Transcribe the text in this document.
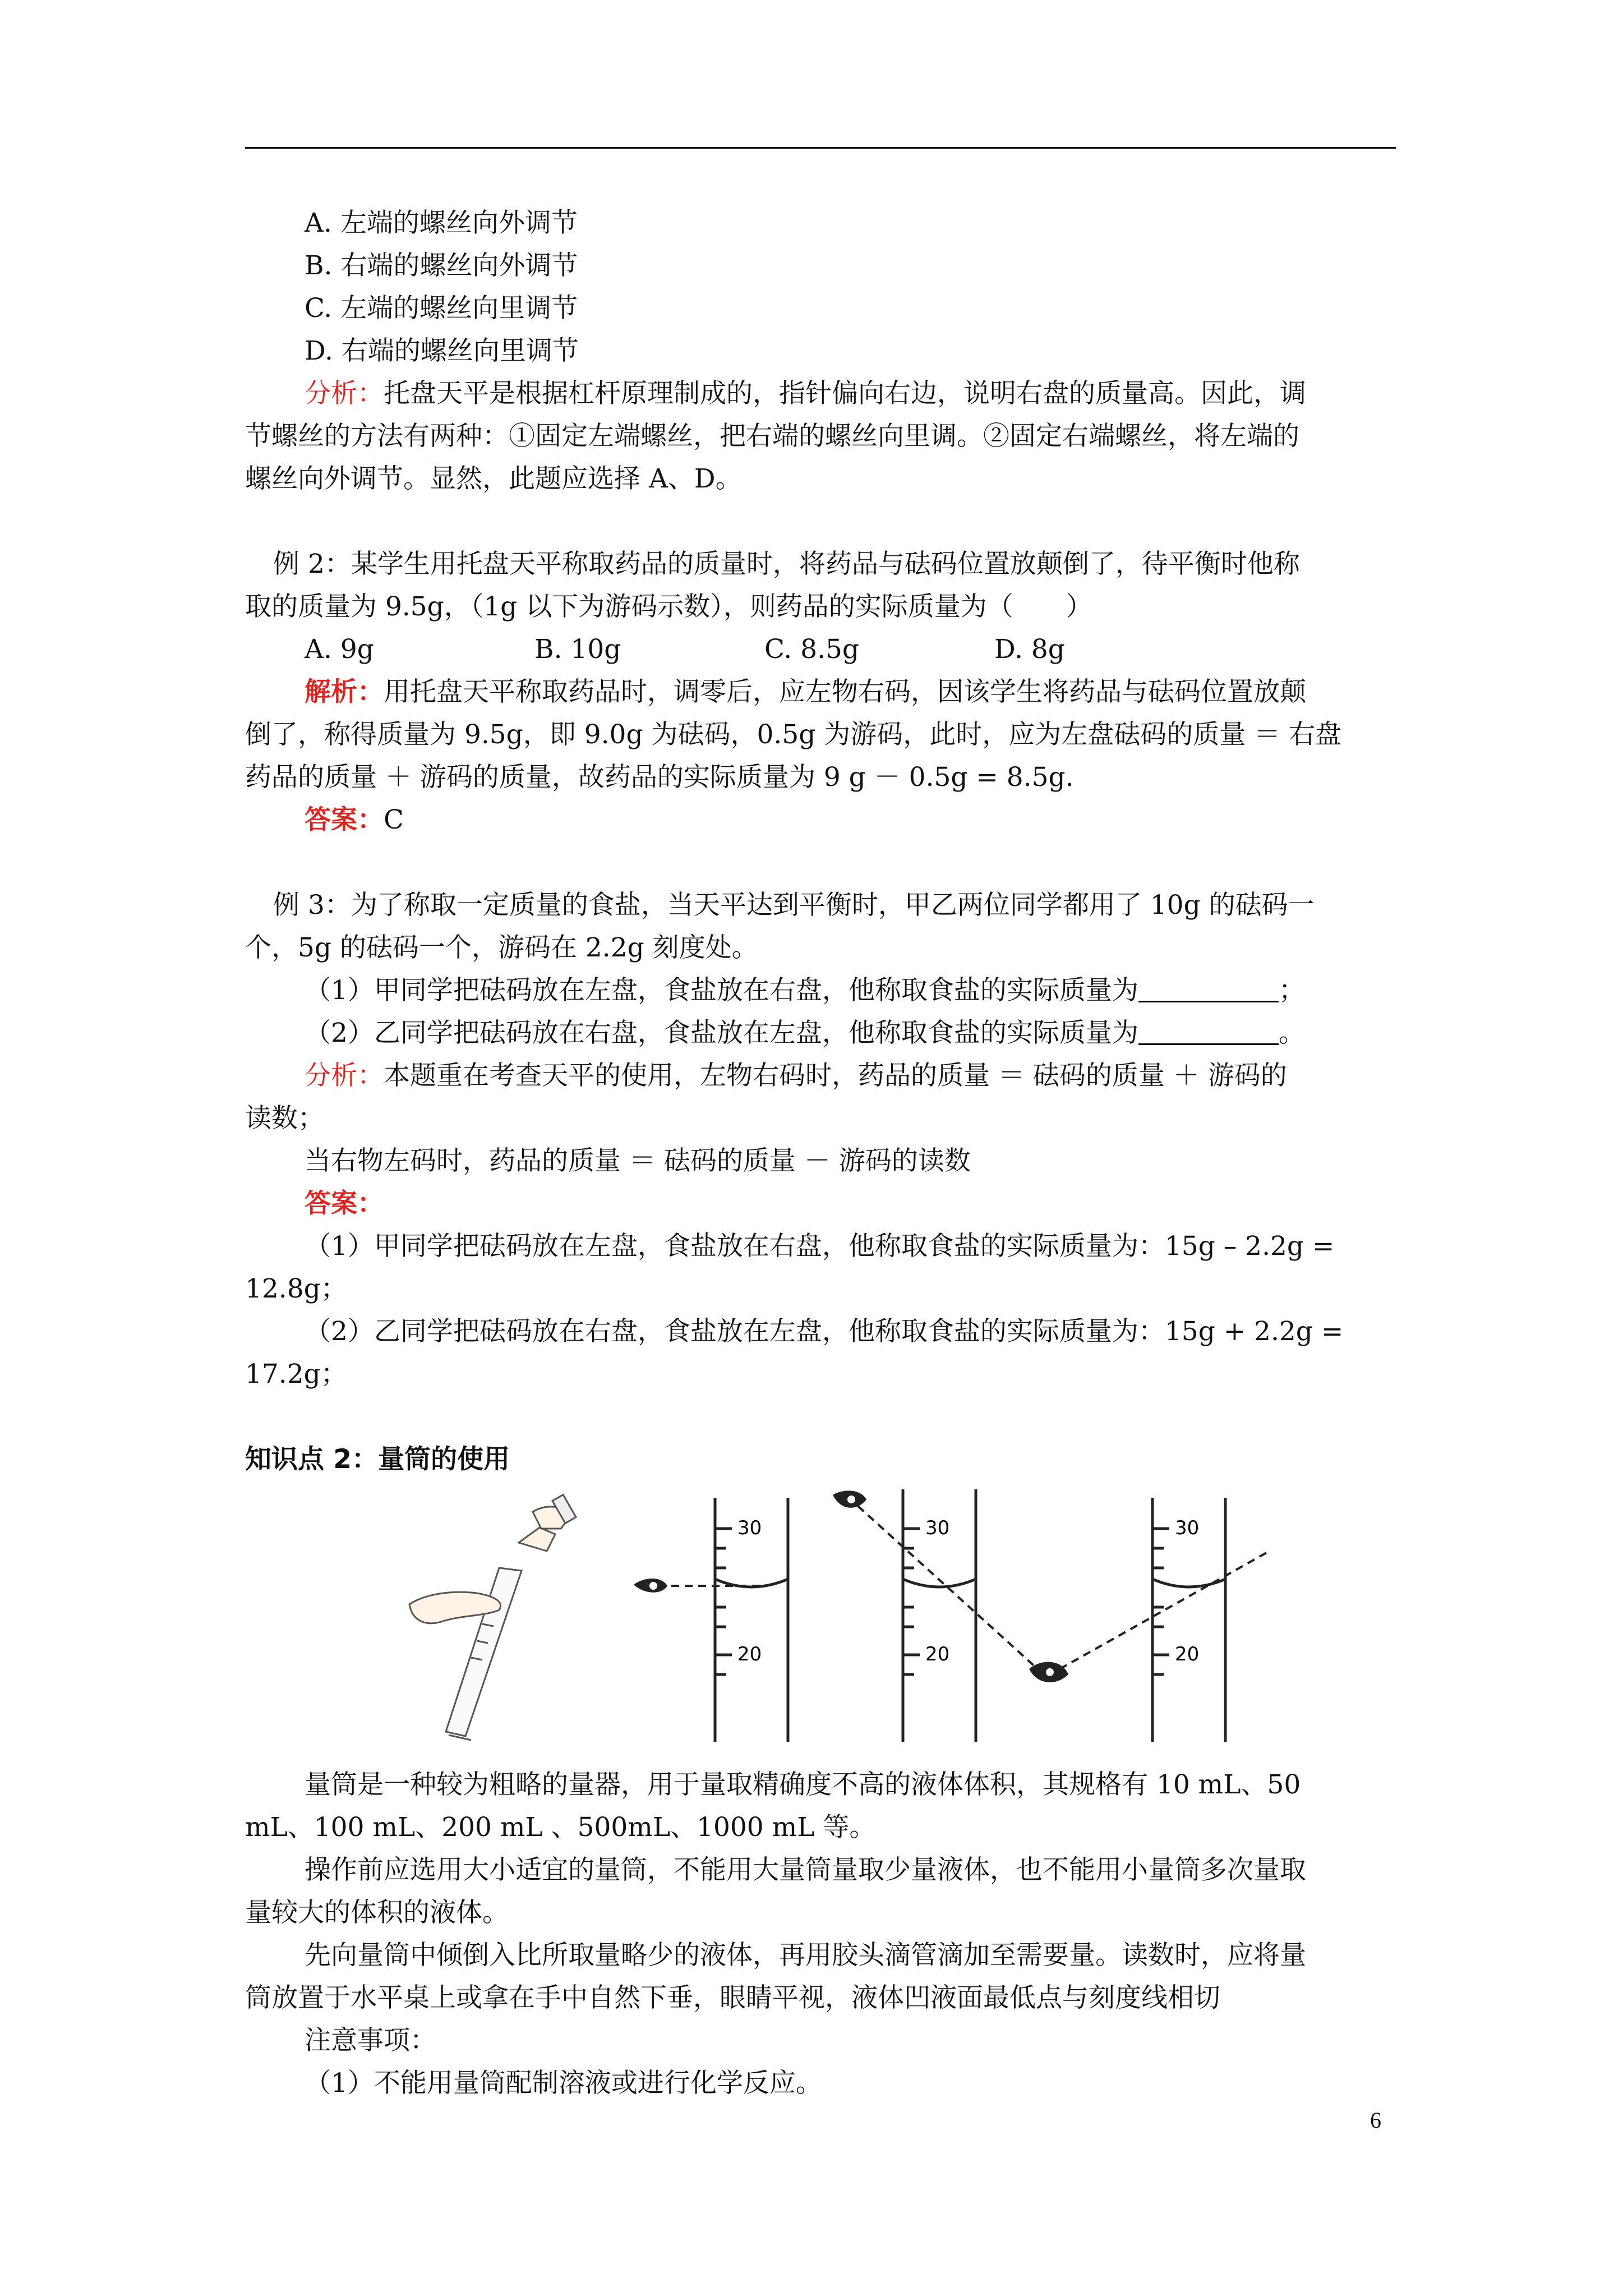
A. 左端的螺丝向外调节
B. 右端的螺丝向外调节
C. 左端的螺丝向里调节
D. 右端的螺丝向里调节
分析：托盘天平是根据杠杆原理制成的，指针偏向右边，说明右盘的质量高。因此，调
节螺丝的方法有两种：①固定左端螺丝，把右端的螺丝向里调。②固定右端螺丝，将左端的
螺丝向外调节。显然，此题应选择 A、D。
例 2：某学生用托盘天平称取药品的质量时，将药品与砝码位置放颠倒了，待平衡时他称
取的质量为 9.5g，（1g 以下为游码示数），则药品的实际质量为（　　）
A. 9g	B. 10g	C. 8.5g	D. 8g
解析：用托盘天平称取药品时，调零后，应左物右码，因该学生将药品与砝码位置放颠
倒了，称得质量为 9.5g，即 9.0g 为砝码，0.5g 为游码，此时，应为左盘砝码的质量 ＝ 右盘
药品的质量 ＋ 游码的质量，故药品的实际质量为 9 g － 0.5g = 8.5g.
答案：C
例 3：为了称取一定质量的食盐，当天平达到平衡时，甲乙两位同学都用了 10g 的砝码一
个，5g 的砝码一个，游码在 2.2g 刻度处。
（1）甲同学把砝码放在左盘，食盐放在右盘，他称取食盐的实际质量为	；
（2）乙同学把砝码放在右盘，食盐放在左盘，他称取食盐的实际质量为	。
分析：本题重在考查天平的使用，左物右码时，药品的质量 ＝ 砝码的质量 ＋ 游码的
读数；
当右物左码时，药品的质量 ＝ 砝码的质量 － 游码的读数
答案：
（1）甲同学把砝码放在左盘，食盐放在右盘，他称取食盐的实际质量为：15g – 2.2g =
12.8g；
（2）乙同学把砝码放在右盘，食盐放在左盘，他称取食盐的实际质量为：15g + 2.2g =
17.2g；
知识点 2：量筒的使用
30
20
30
20
30
20
量筒是一种较为粗略的量器，用于量取精确度不高的液体体积，其规格有 10 mL、50
mL、100 mL、200 mL 、500mL、1000 mL 等。
操作前应选用大小适宜的量筒，不能用大量筒量取少量液体，也不能用小量筒多次量取
量较大的体积的液体。
先向量筒中倾倒入比所取量略少的液体，再用胶头滴管滴加至需要量。读数时，应将量
筒放置于水平桌上或拿在手中自然下垂，眼睛平视，液体凹液面最低点与刻度线相切
注意事项：
（1）不能用量筒配制溶液或进行化学反应。
6
